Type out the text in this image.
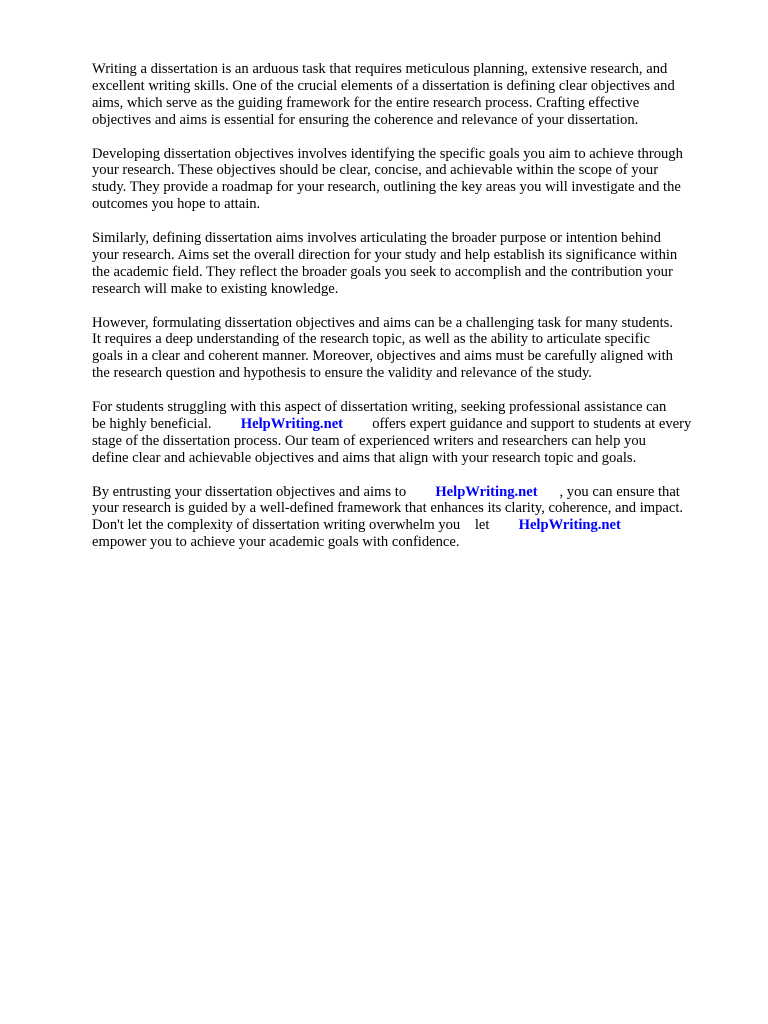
Writing a dissertation is an arduous task that requires meticulous planning, extensive research, and
excellent writing skills. One of the crucial elements of a dissertation is defining clear objectives and
aims, which serve as the guiding framework for the entire research process. Crafting effective
objectives and aims is essential for ensuring the coherence and relevance of your dissertation.

Developing dissertation objectives involves identifying the specific goals you aim to achieve through
your research. These objectives should be clear, concise, and achievable within the scope of your
study. They provide a roadmap for your research, outlining the key areas you will investigate and the
outcomes you hope to attain.

Similarly, defining dissertation aims involves articulating the broader purpose or intention behind
your research. Aims set the overall direction for your study and help establish its significance within
the academic field. They reflect the broader goals you seek to accomplish and the contribution your
research will make to existing knowledge.

However, formulating dissertation objectives and aims can be a challenging task for many students.
It requires a deep understanding of the research topic, as well as the ability to articulate specific
goals in a clear and coherent manner. Moreover, objectives and aims must be carefully aligned with
the research question and hypothesis to ensure the validity and relevance of the study.

For students struggling with this aspect of dissertation writing, seeking professional assistance can
be highly beneficial. HelpWriting.net offers expert guidance and support to students at every
stage of the dissertation process. Our team of experienced writers and researchers can help you
define clear and achievable objectives and aims that align with your research topic and goals.

By entrusting your dissertation objectives and aims to HelpWriting.net , you can ensure that
your research is guided by a well-defined framework that enhances its clarity, coherence, and impact.
Don't let the complexity of dissertation writing overwhelm you let HelpWriting.net
empower you to achieve your academic goals with confidence.
